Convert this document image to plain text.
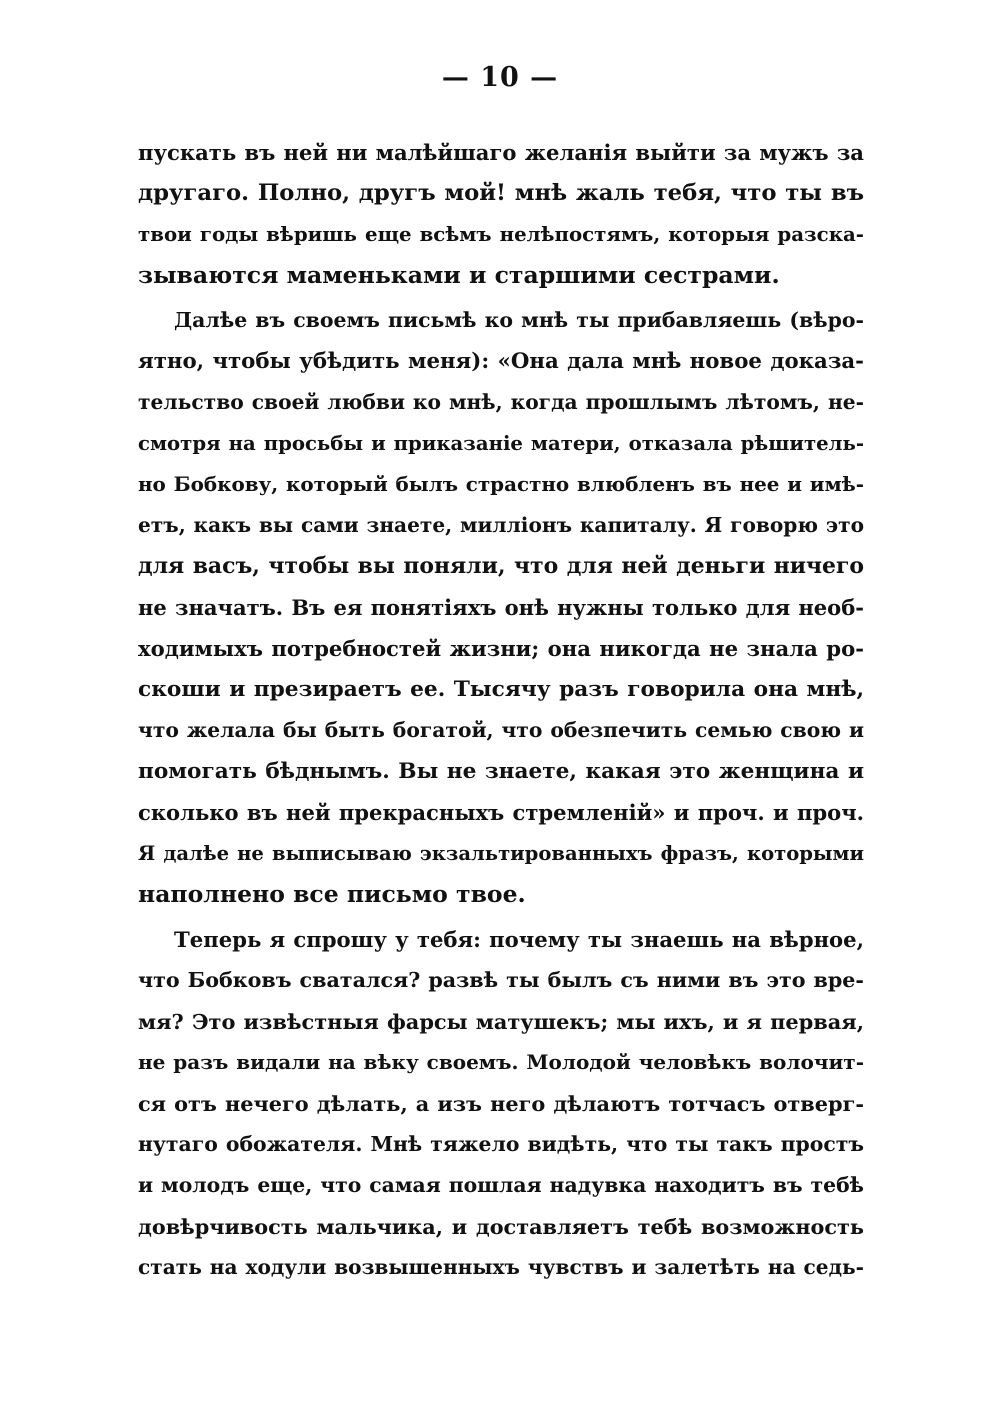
— 10 —
пускать въ ней ни малѣйшаго желанія выйти за мужъ за
другаго. Полно, другъ мой! мнѣ жаль тебя, что ты въ
твои годы вѣришь еще всѣмъ нелѣпостямъ, которыя разска-
зываются маменьками и старшими сестрами.
Далѣе въ своемъ письмѣ ко мнѣ ты прибавляешь (вѣро-
ятно, чтобы убѣдить меня): «Она дала мнѣ новое доказа-
тельство своей любви ко мнѣ, когда прошлымъ лѣтомъ, не-
смотря на просьбы и приказаніе матери, отказала рѣшитель-
но Бобкову, который былъ страстно влюбленъ въ нее и имѣ-
етъ, какъ вы сами знаете, милліонъ капиталу. Я говорю это
для васъ, чтобы вы поняли, что для ней деньги ничего
не значатъ. Въ ея понятіяхъ онѣ нужны только для необ-
ходимыхъ потребностей жизни; она никогда не знала ро-
скоши и презираетъ ее. Тысячу разъ говорила она мнѣ,
что желала бы быть богатой, что обезпечить семью свою и
помогать бѣднымъ. Вы не знаете, какая это женщина и
сколько въ ней прекрасныхъ стремленій» и проч. и проч.
Я далѣе не выписываю экзальтированныхъ фразъ, которыми
наполнено все письмо твое.
Теперь я спрошу у тебя: почему ты знаешь на вѣрное,
что Бобковъ сватался? развѣ ты былъ съ ними въ это вре-
мя? Это извѣстныя фарсы матушекъ; мы ихъ, и я первая,
не разъ видали на вѣку своемъ. Молодой человѣкъ волочит-
ся отъ нечего дѣлать, а изъ него дѣлаютъ тотчасъ отверг-
нутаго обожателя. Мнѣ тяжело видѣть, что ты такъ простъ
и молодъ еще, что самая пошлая надувка находитъ въ тебѣ
довѣрчивость мальчика, и доставляетъ тебѣ возможность
стать на ходули возвышенныхъ чувствъ и залетѣть на седь-
